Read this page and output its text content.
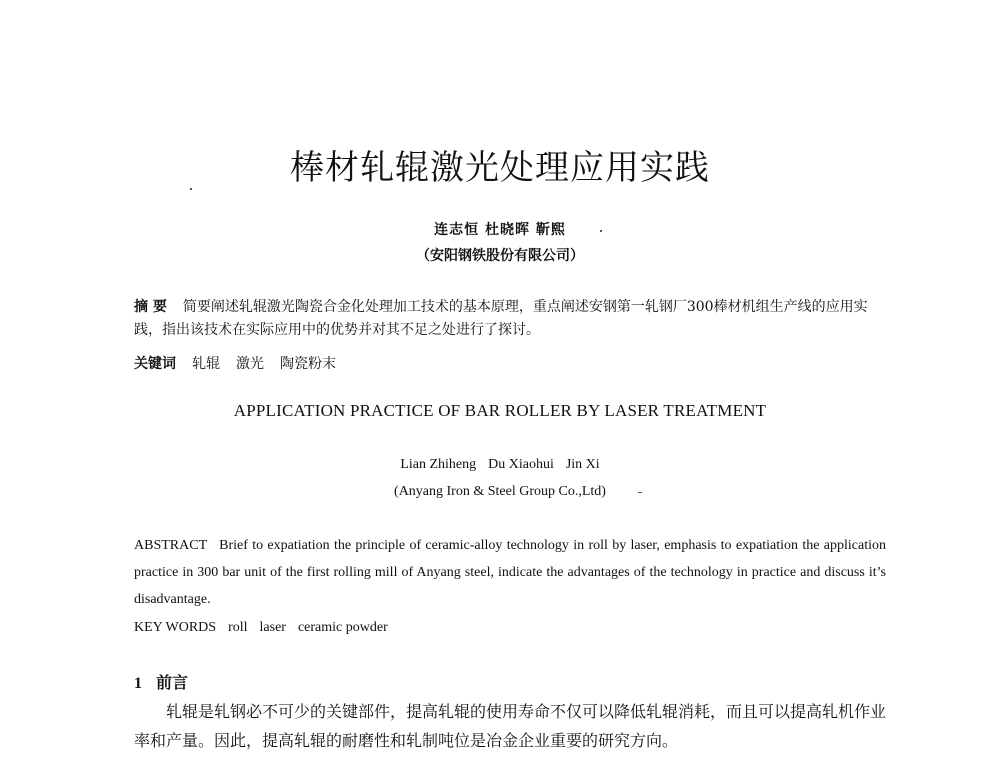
棒材轧辊激光处理应用实践
连志恒 杜晓晖 靳熙
（安阳钢铁股份有限公司）
摘 要 简要阐述轧辊激光陶瓷合金化处理加工技术的基本原理，重点阐述安钢第一轧钢厂300棒材机组生产线的应用实践，指出该技术在实际应用中的优势并对其不足之处进行了探讨。
关键词 轧辊 激光 陶瓷粉末
APPLICATION PRACTICE OF BAR ROLLER BY LASER TREATMENT
Lian Zhiheng Du Xiaohui Jin Xi
(Anyang Iron & Steel Group Co.,Ltd)
ABSTRACT Brief to expatiation the principle of ceramic-alloy technology in roll by laser, emphasis to expatiation the application practice in 300 bar unit of the first rolling mill of Anyang steel, indicate the advantages of the technology in practice and discuss it’s disadvantage.
KEY WORDS roll laser ceramic powder
1 前言
轧辊是轧钢必不可少的关键部件，提高轧辊的使用寿命不仅可以降低轧辊消耗，而且可以提高轧机作业率和产量。因此，提高轧辊的耐磨性和轧制吨位是冶金企业重要的研究方向。
